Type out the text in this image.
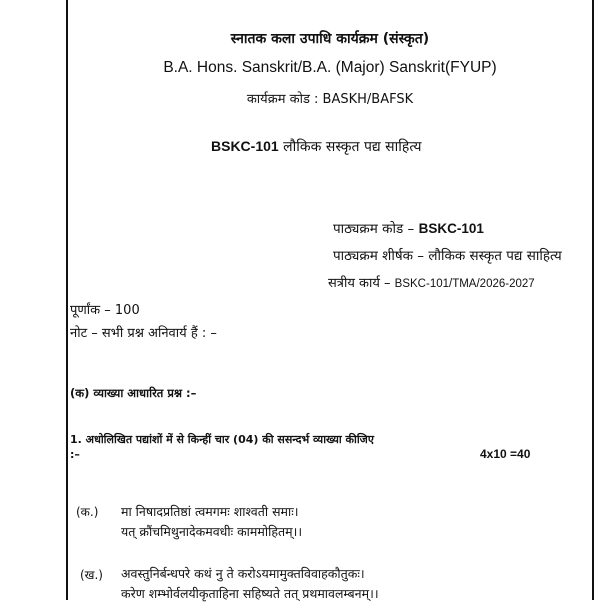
स्नातक कला उपाधि कार्यक्रम (संस्कृत)
B.A. Hons. Sanskrit/B.A. (Major) Sanskrit(FYUP)
कार्यक्रम कोड : BASKH/BAFSK
BSKC-101 लौकिक सस्कृत पद्य साहित्य
पाठ्यक्रम कोड – BSKC-101
पाठ्यक्रम शीर्षक – लौकिक सस्कृत पद्य साहित्य
सत्रीय कार्य – BSKC-101/TMA/2026-2027
पूर्णांक – 100
नोट – सभी प्रश्न अनिवार्य हैं : –
(क) व्याख्या आधारित प्रश्न :–
1. अधोलिखित पद्यांशों में से किन्हीं चार (04) की ससन्दर्भ व्याख्या कीजिए
:–	4x10 =40
(क.) मा निषादप्रतिष्ठां त्वमगमः शाश्वती समाः।
यत् क्रौंचमिथुनादेकमवधीः काममोहितम्।।
(ख.) अवस्तुनिर्बन्धपरे कथं नु ते करोऽयमामुक्तविवाहकौतुकः।
करेण शम्भोर्वलयीकृताहिना सहिष्यते तत् प्रथमावलम्बनम्।।
